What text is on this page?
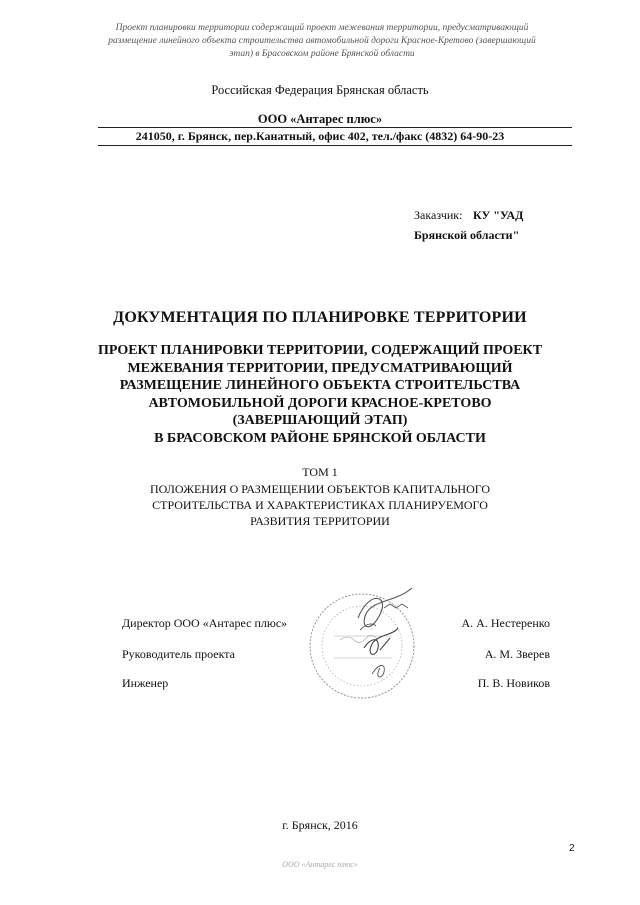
Проект планировки территории содержащий проект межевания территории, предусматривающий
размещение линейного объекта строительства автомобильной дороги Красное-Кретово (завершающий
этап) в Брасовском районе Брянской области
Российская Федерация Брянская область
ООО «Антарес плюс»
241050, г. Брянск, пер.Канатный, офис 402, тел./факс (4832) 64-90-23
Заказчик: КУ "УАД
Брянской области"
ДОКУМЕНТАЦИЯ ПО ПЛАНИРОВКЕ ТЕРРИТОРИИ
ПРОЕКТ ПЛАНИРОВКИ ТЕРРИТОРИИ, СОДЕРЖАЩИЙ ПРОЕКТ
МЕЖЕВАНИЯ ТЕРРИТОРИИ, ПРЕДУСМАТРИВАЮЩИЙ
РАЗМЕЩЕНИЕ ЛИНЕЙНОГО ОБЪЕКТА СТРОИТЕЛЬСТВА
АВТОМОБИЛЬНОЙ ДОРОГИ КРАСНОЕ-КРЕТОВО
(ЗАВЕРШАЮЩИЙ ЭТАП)
В БРАСОВСКОМ РАЙОНЕ БРЯНСКОЙ ОБЛАСТИ
ТОМ 1
ПОЛОЖЕНИЯ О РАЗМЕЩЕНИИ ОБЪЕКТОВ КАПИТАЛЬНОГО
СТРОИТЕЛЬСТВА И ХАРАКТЕРИСТИКАХ ПЛАНИРУЕМОГО
РАЗВИТИЯ ТЕРРИТОРИИ
Директор ООО «Антарес плюс»	А. А. Нестеренко
Руководитель проекта	А. М. Зверев
Инженер	П. В. Новиков
г. Брянск, 2016
2
ООО «Антарес плюс»
